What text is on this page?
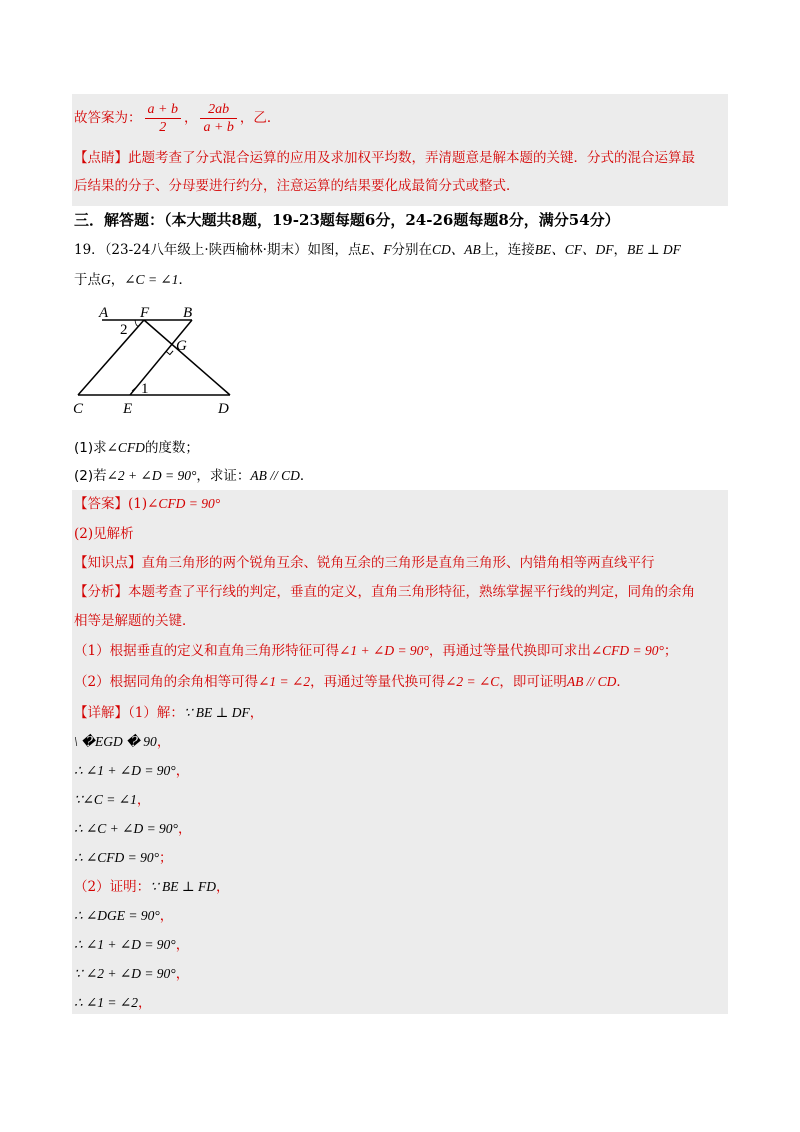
故答案为： $\frac{a + b}{2}$ ， $\frac{2ab}{a + b}$ ，乙．
【点睛】此题考查了分式混合运算的应用及求加权平均数，弄清题意是解本题的关键．分式的混合运算最
后结果的分子、分母要进行约分，注意运算的结果要化成最简分式或整式．
三．解答题：（本大题共8题，19-23题每题6分，24-26题每题8分，满分54分）
19．（23-24八年级上·陕西榆林·期末）如图，点E、F分别在CD、AB上，连接BE、CF、DF，BE ⊥ DF
于点G，∠C = ∠1．
A F B
G
C	E	D
1
2
(1)求∠CFD的度数；
(2)若∠2 + ∠D = 90°，求证：AB // CD．
【答案】(1)∠CFD = 90°
(2)见解析
【知识点】直角三角形的两个锐角互余、锐角互余的三角形是直角三角形、内错角相等两直线平行
【分析】本题考查了平行线的判定，垂直的定义，直角三角形特征，熟练掌握平行线的判定，同角的余角
相等是解题的关键．
（1）根据垂直的定义和直角三角形特征可得∠1 + ∠D = 90°，再通过等量代换即可求出∠CFD = 90°；
（2）根据同角的余角相等可得∠1 = ∠2，再通过等量代换可得∠2 = ∠C，即可证明AB // CD．
【详解】（1）解：∵ BE ⊥ DF，
\ �EGD � 90，
∴ ∠1 + ∠D = 90°，
∵∠C = ∠1，
∴ ∠C + ∠D = 90°，
∴ ∠CFD = 90°；
（2）证明：∵ BE ⊥ FD，
∴ ∠DGE = 90°，
∴ ∠1 + ∠D = 90°，
∵ ∠2 + ∠D = 90°，
∴ ∠1 = ∠2，
